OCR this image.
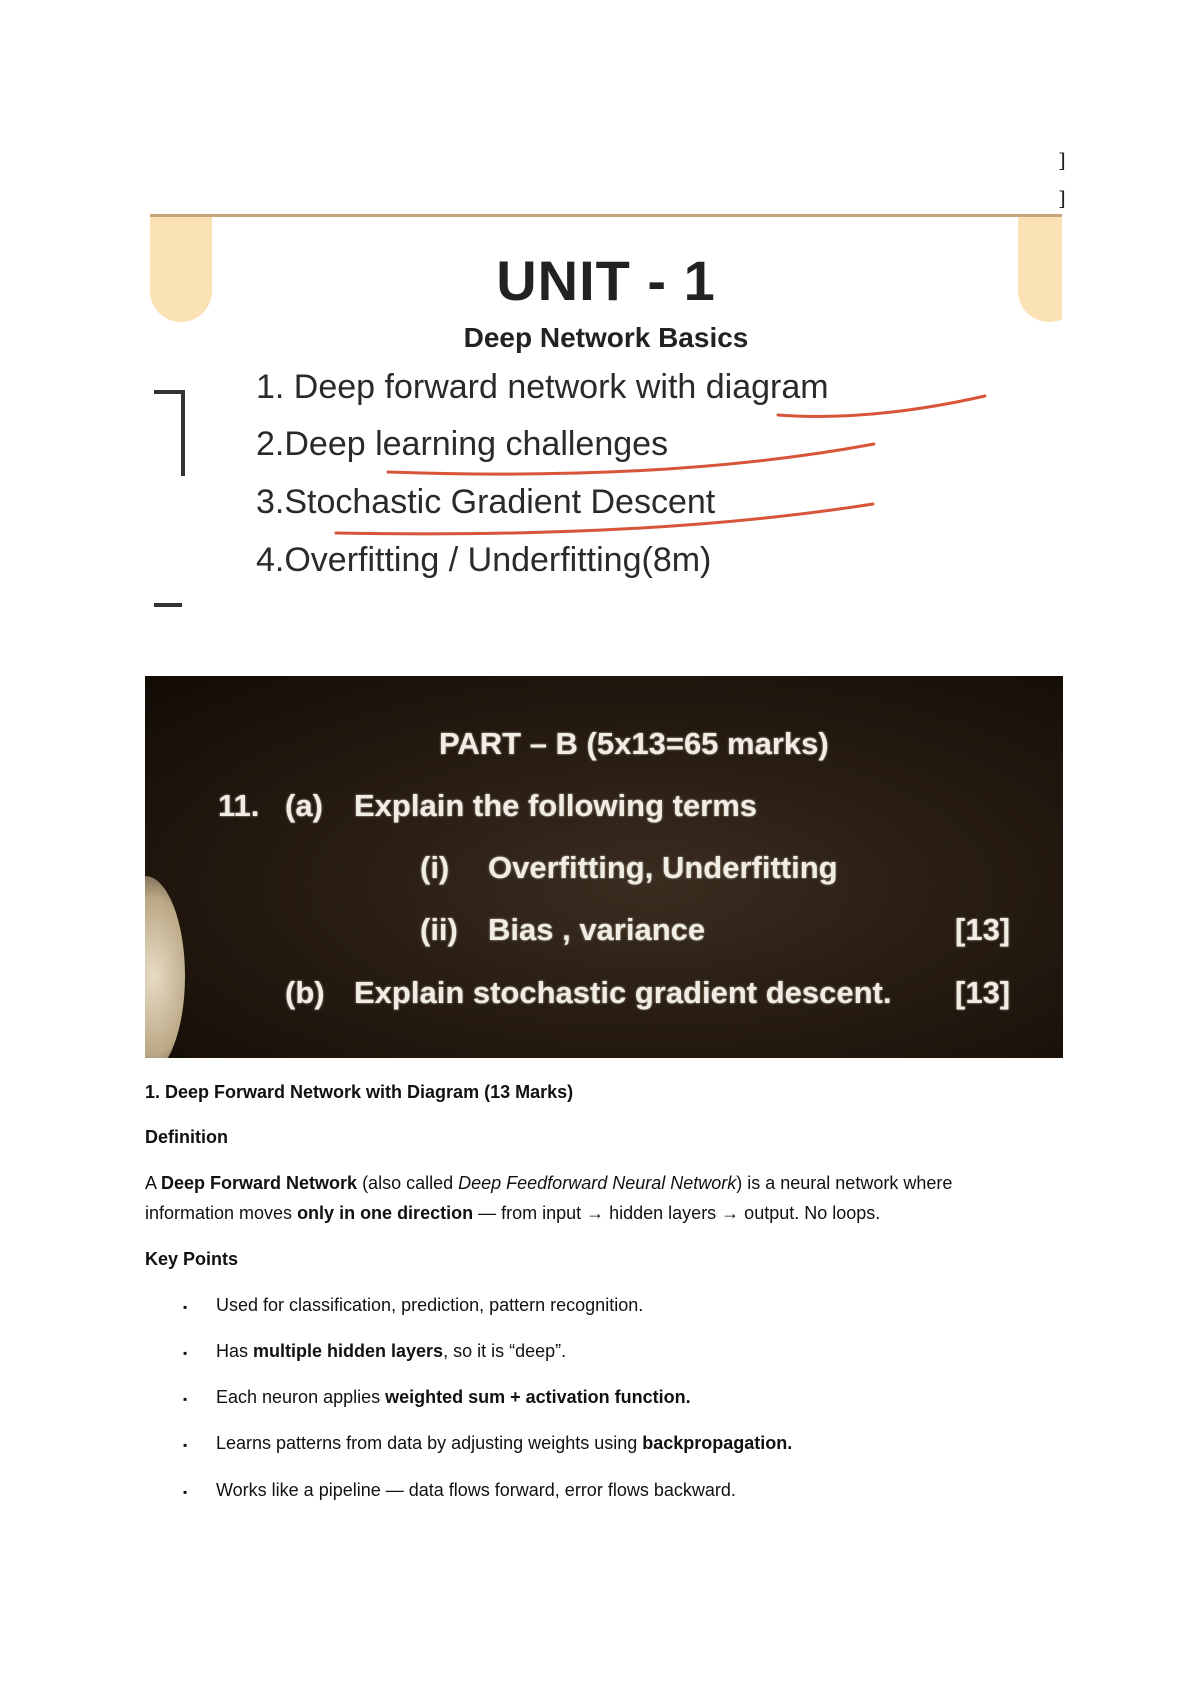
]
]
UNIT - 1
Deep Network Basics
1. Deep forward network with diagram
2.Deep learning challenges
3.Stochastic Gradient Descent
4.Overfitting / Underfitting(8m)
PART – B (5x13=65 marks)
11. (a) Explain the following terms
(i) Overfitting, Underfitting
(ii) Bias , variance	[13]
(b) Explain stochastic gradient descent. [13]
1. Deep Forward Network with Diagram (13 Marks)
Definition
A Deep Forward Network (also called Deep Feedforward Neural Network) is a neural network where
information moves only in one direction — from input → hidden layers → output. No loops.
Key Points
▪ Used for classification, prediction, pattern recognition.
▪ Has multiple hidden layers, so it is “deep”.
▪ Each neuron applies weighted sum + activation function.
▪ Learns patterns from data by adjusting weights using backpropagation.
▪ Works like a pipeline — data flows forward, error flows backward.
